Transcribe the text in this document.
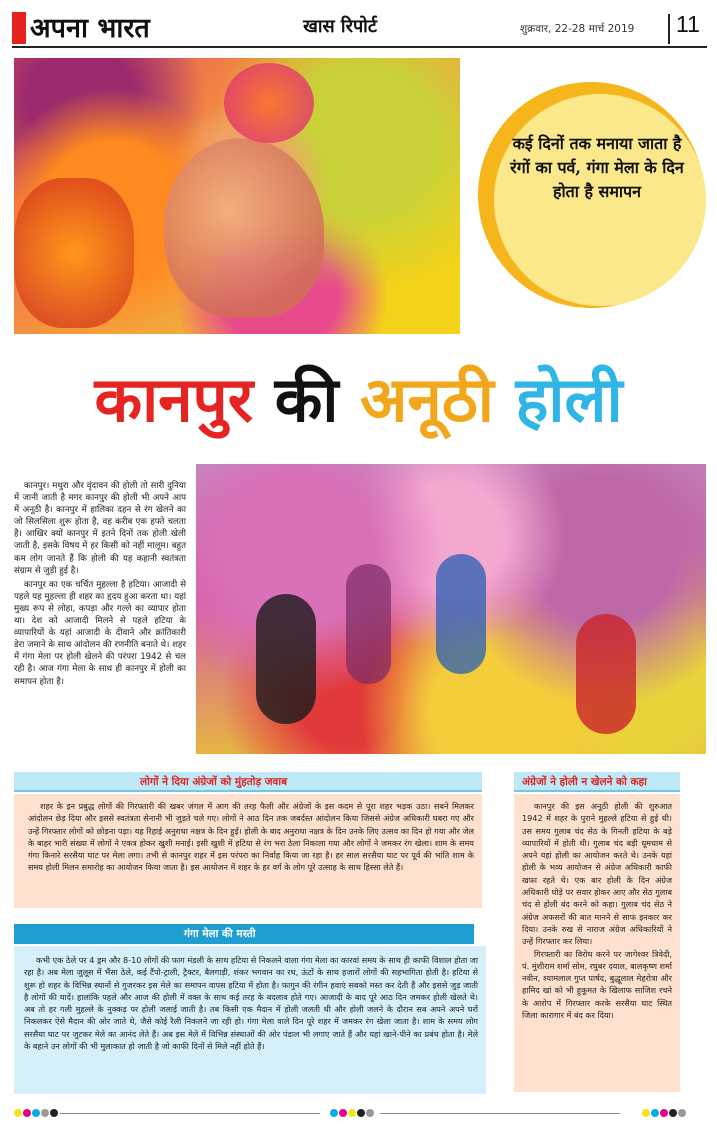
अपना भारत	खास रिपोर्ट	शुक्रवार, 22-28 मार्च 2019 11
कई दिनों तक मनाया जाता है रंगों का पर्व, गंगा मेला के दिन होता है समापन
कानपुर की अनूठी होली

कानपुर। मथुरा और वृंदावन की होली तो सारी दुनिया में जानी जाती है मगर कानपुर की होली भी अपने आप में अनूठी है। कानपुर में हालिका दहन से रंग खेलने का जो सिलसिला शुरू होता है, वह करीब एक हफ्ते चलता है। आखिर क्यों कानपुर में इतने दिनों तक होली खेली जाती है, इसके विषय में हर किसी को नहीं मालूम। बहुत कम लोग जानते हैं कि होली की यह कहानी स्वतंत्रता संग्राम से जुड़ी हुई है।

कानपुर का एक चर्चित मुहल्ला है हटिया। आजादी से पहले यह मुहल्ला ही शहर का हृदय हुआ करता था। यहां मुख्य रूप से लोहा, कपड़ा और गल्ले का व्यापार होता था। देश को आजादी मिलने से पहले हटिया के व्यापारियों के यहां आजादी के दीवाने और क्रांतिकारी डेरा जमाने के साथ आंदोलन की रणनीति बनाते थे। शहर में गंगा मेला पर होली खेलने की परंपरा 1942 से चल रही है। आज गंगा मेला के साथ ही कानपुर में होली का समापन होता है।

लोगों ने दिया अंग्रेजों को मुंहतोड़ जवाब
शहर के इन प्रबुद्ध लोगों की गिरफ्तारी की खबर जंगल में आग की तरह फैली और अंग्रेजों के इस कदम से पूरा शहर भड़क उठा। सबने मिलकर आंदोलन छेड़ दिया और इससे स्वतंत्रता सेनानी भी जुड़ते चले गए। लोगों ने आठ दिन तक जबर्दस्त आंदोलन किया जिससे अंग्रेज अधिकारी घबरा गए और उन्हें गिरफ्तार लोगों को छोड़ना पड़ा। यह रिहाई अनुराधा नक्षत्र के दिन हुई। होली के बाद अनुराधा नक्षत्र के दिन उनके लिए उत्सव का दिन हो गया और जेल के बाहर भारी संख्या में लोगों ने एकत्र होकर खुशी मनाई। इसी खुशी में हटिया से रंग भरा ठेला निकाला गया और लोगों ने जमकर रंग खेला। शाम के समय गंगा किनारे सरसैया घाट पर मेला लगा। तभी से कानपुर शहर में इस परंपरा का निर्वाह किया जा रहा है। हर साल सरसैया घाट पर पूर्व की भांति शाम के समय होली मिलन समारोह का आयोजन किया जाता है। इस आयोजन में शहर के हर वर्ग के लोग पूरे उत्साह के साथ हिस्सा लेते हैं।
गंगा मेला की मस्ती
कभी एक ठेले पर 4 ड्रम और 8-10 लोगों की फाग मंडली के साथ हटिया से निकलने वाला गंगा मेला का कारवां समय के साथ ही काफी विशाल होता जा रहा है। अब मेला जुलूस में भैंसा ठेले, कई टैंपो-ट्राली, ट्रैक्टर, बैलगाड़ी, शंकर भगवान का रथ, ऊंटों के साथ हजारों लोगों की सहभागिता होती है। हटिया से शुरू हो शहर के विभिन्न स्थानों से गुजरकर इस मेले का समापन वापस हटिया में होता है। फागुन की रंगीन हवाएं सबको मस्त कर देती हैं और इससे जुड़ जाती है लोगों की यादें। हालांकि पहले और आज की होली में वक्त के साथ कई तरह के बदलाव होते गए। आजादी के बाद पूरे आठ दिन जमकर होली खेलते थे। अब तो हर गली मुहल्ले के नुक्कड़ पर होली जलाई जाती है। तब किसी एक मैदान में होली जलती थी और होली जलने के दौरान सब अपने अपने घरों निकलकर ऐसे मैदान की ओर जाते थे, जैसे कोई रैली निकलने जा रही हो। गंगा मेला वाले दिन पूरे शहर में जमकर रंग खेला जाता है। शाम के समय लोग सरसैया घाट पर जुटकर मेले का आनंद लेते हैं। अब इस मेले में विभिन्न संस्थाओं की ओर पंडाल भी लगाए जाते हैं और यहां खाने-पीने का प्रबंध होता है। मेले के बहाने उन लोगों की भी मुलाकात हो जाती है जो काफी दिनों से मिले नहीं होते हैं।
अंग्रेजों ने होली न खेलने को कहा

कानपुर की इस अनूठी होली की शुरुआत 1942 में शहर के पुराने मुहल्ले हटिया से हुई थी। उस समय गुलाब चंद सेठ के गिनती हटिया के बड़े व्यापारियों में होती थी। गुलाब चंद बड़ी धूमधाम से अपने यहां होली का आयोजन करते थे। उनके यहां होली के भव्य आयोजन से अंग्रेज अधिकारी काफी खफा रहते थे। एक बार होली के दिन अंग्रेज अधिकारी घोड़े पर सवार होकर आए और सेठ गुलाब चंद से होली बंद करने को कहा। गुलाब चंद सेठ ने अंग्रेज अफसरों की बात मानने से साफ इनकार कर दिया। उनके रुख से नाराज अंग्रेज अधिकारियों ने उन्हें गिरफ्तार कर लिया।

गिरफ्तारी का विरोध करने पर जागेश्वर त्रिवेदी, पं. मुंशीराम शर्मा सोम, रघुबर दयाल, बालकृष्ण शर्मा नवीन, श्यामलाल गुप्त पार्षद, बुद्धूलाल मेहरोत्रा और हामिद खां को भी हुकूमत के खिलाफ साजिश रचने के आरोप में गिरफ्तार करके सरसैया घाट स्थित जिला कारागार में बंद कर दिया।
